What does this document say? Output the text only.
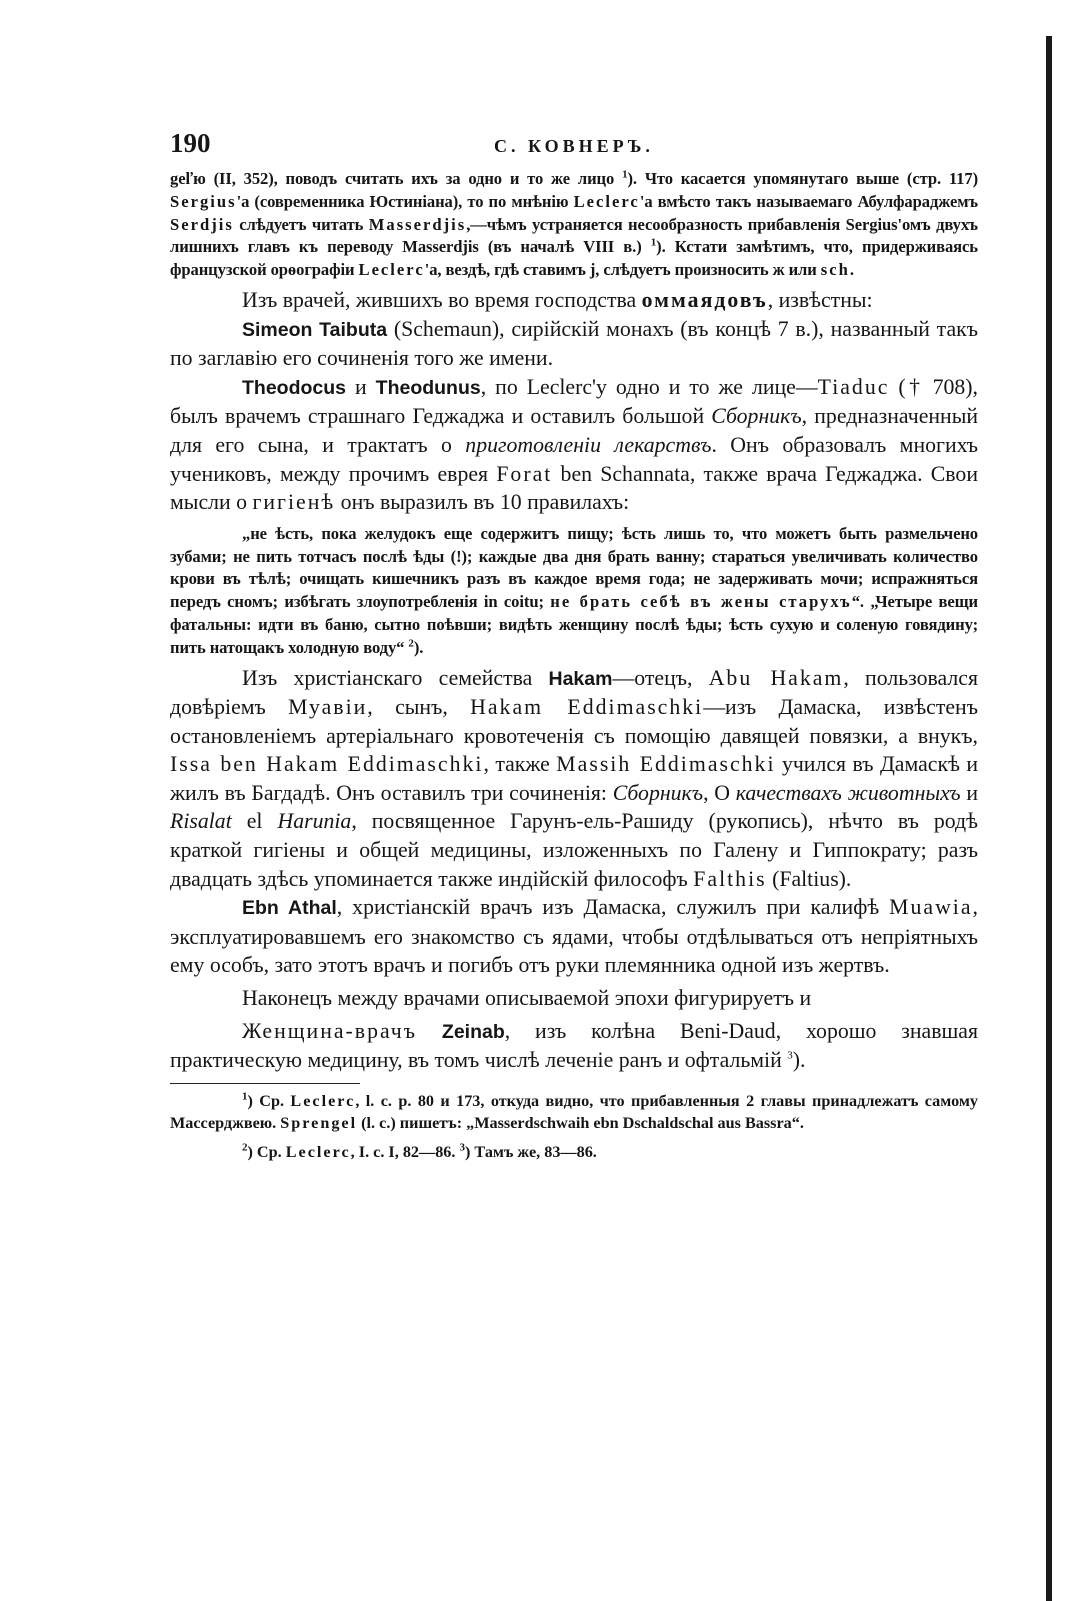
190	С. КОВНЕРЪ.

geľю (II, 352), поводъ считать ихъ за одно и то же лицо $^1$). Что касается упомянутаго выше (стр. 117) Sergius'a (современника Юстиніана), то по мнѣнію Leclerc'a вмѣсто такъ называемаго Абулфараджемъ Serdjis слѣдуетъ читать Masserdjis,—чѣмъ устраняется несообразность прибавленія Sergius'омъ двухъ лишнихъ главъ къ переводу Masserdjis (въ началѣ VIII в.) $^1$). Кстати замѣтимъ, что, придерживаясь французской орѳографіи Leclerc'a, вездѣ, гдѣ ставимъ j, слѣдуетъ произносить ж или sch.

Изъ врачей, жившихъ во время господства оммаядовъ, извѣстны:

Simeon Taibuta (Schemaun), сирійскій монахъ (въ концѣ 7 в.), названный такъ по заглавію его сочиненія того же имени.

Theodocus и Theodunus, по Leclerc'у одно и то же лице—Tiaduc († 708), былъ врачемъ страшнаго Геджаджа и оставилъ большой Сборникъ, предназначенный для его сына, и трактатъ о приготовленіи лекарствъ. Онъ образовалъ многихъ учениковъ, между прочимъ еврея Forat ben Schannata, также врача Геджаджа. Свои мысли о гигіенѣ онъ выразилъ въ 10 правилахъ:

„не ѣсть, пока желудокъ еще содержитъ пищу; ѣсть лишь то, что можетъ быть размельчено зубами; не пить тотчасъ послѣ ѣды (!); каждые два дня брать ванну; стараться увеличивать количество крови въ тѣлѣ; очищать кишечникъ разъ въ каждое время года; не задерживать мочи; испражняться передъ сномъ; избѣгать злоупотребленія in coitu; не брать себѣ въ жены старухъ“. „Четыре вещи фатальны: идти въ баню, сытно поѣвши; видѣть женщину послѣ ѣды; ѣсть сухую и соленую говядину; пить натощакъ холодную воду“ $^2$).

Изъ христіанскаго семейства Hakam—отецъ, Abu Hakam, пользовался довѣріемъ Муавіи, сынъ, Hakam Eddimaschki—изъ Дамаска, извѣстенъ остановленіемъ артеріальнаго кровотеченія съ помощію давящей повязки, а внукъ, Issa ben Hakam Eddimaschki, также Massih Eddimaschki учился въ Дамаскѣ и жилъ въ Багдадѣ. Онъ оставилъ три сочиненія: Сборникъ, О качествахъ животныхъ и Risalat el Harunia, посвященное Гарунъ-ель-Рашиду (рукопись), нѣчто въ родѣ краткой гигіены и общей медицины, изложенныхъ по Галену и Гиппократу; разъ двадцать здѣсь упоминается также индійскій философъ Falthis (Faltius).

Ebn Athal, христіанскій врачъ изъ Дамаска, служилъ при калифѣ Muawia, эксплуатировавшемъ его знакомство съ ядами, чтобы отдѣлываться отъ непріятныхъ ему особъ, зато этотъ врачъ и погибъ отъ руки племянника одной изъ жертвъ.

Наконецъ между врачами описываемой эпохи фигурируетъ и

Женщина-врачъ Zeinab, изъ колѣна Beni-Daud, хорошо знавшая практическую медицину, въ томъ числѣ леченіе ранъ и офтальмій $^3$).

$^1$) Ср. Leclerc, l. c. р. 80 и 173, откуда видно, что прибавленныя 2 главы принадлежатъ самому Массерджвею. Sprengel (l. c.) пишетъ: „Masserdschwaih ebn Dschaldschal aus Bassra“.

$^2$) Ср. Leclerc, I. c. I, 82—86. $^3$) Тамъ же, 83—86.
